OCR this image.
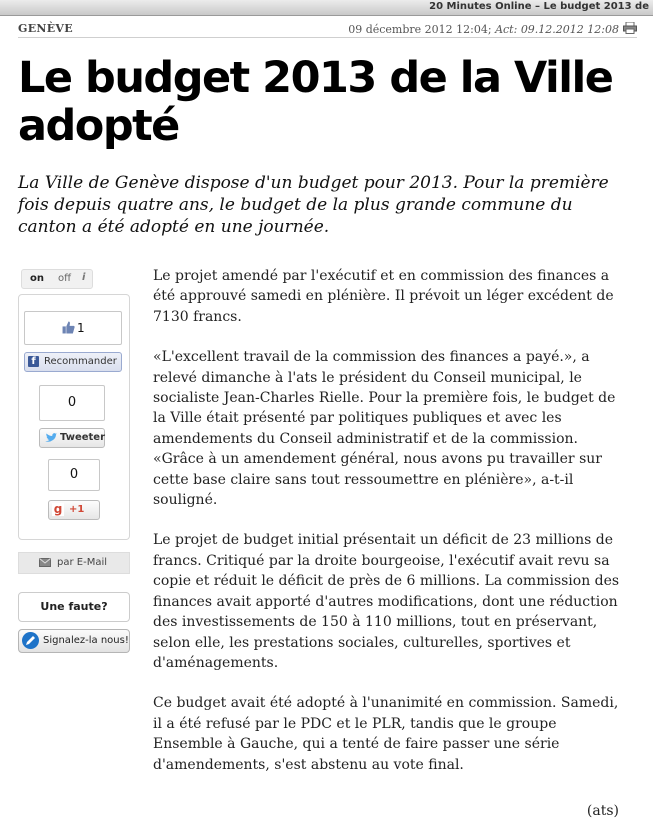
20 Minutes Online – Le budget 2013 de
GENÈVE	09 décembre 2012 12:04; Act: 09.12.2012 12:08
Le budget 2013 de la Ville adopté

La Ville de Genève dispose d'un budget pour 2013. Pour la première fois depuis quatre ans, le budget de la plus grande commune du canton a été adopté en une journée.

on off i
1
f Recommander
0
Tweeter
0
g +1
par E-Mail
Une faute?
Signalez-la nous!

Le projet amendé par l'exécutif et en commission des finances a été approuvé samedi en plénière. Il prévoit un léger excédent de 7130 francs.

«L'excellent travail de la commission des finances a payé.», a relevé dimanche à l'ats le président du Conseil municipal, le socialiste Jean-Charles Rielle. Pour la première fois, le budget de la Ville était présenté par politiques publiques et avec les amendements du Conseil administratif et de la commission. «Grâce à un amendement général, nous avons pu travailler sur cette base claire sans tout ressoumettre en plénière», a-t-il souligné.

Le projet de budget initial présentait un déficit de 23 millions de francs. Critiqué par la droite bourgeoise, l'exécutif avait revu sa copie et réduit le déficit de près de 6 millions. La commission des finances avait apporté d'autres modifications, dont une réduction des investissements de 150 à 110 millions, tout en préservant, selon elle, les prestations sociales, culturelles, sportives et d'aménagements.

Ce budget avait été adopté à l'unanimité en commission. Samedi, il a été refusé par le PDC et le PLR, tandis que le groupe Ensemble à Gauche, qui a tenté de faire passer une série d'amendements, s'est abstenu au vote final.

(ats)
